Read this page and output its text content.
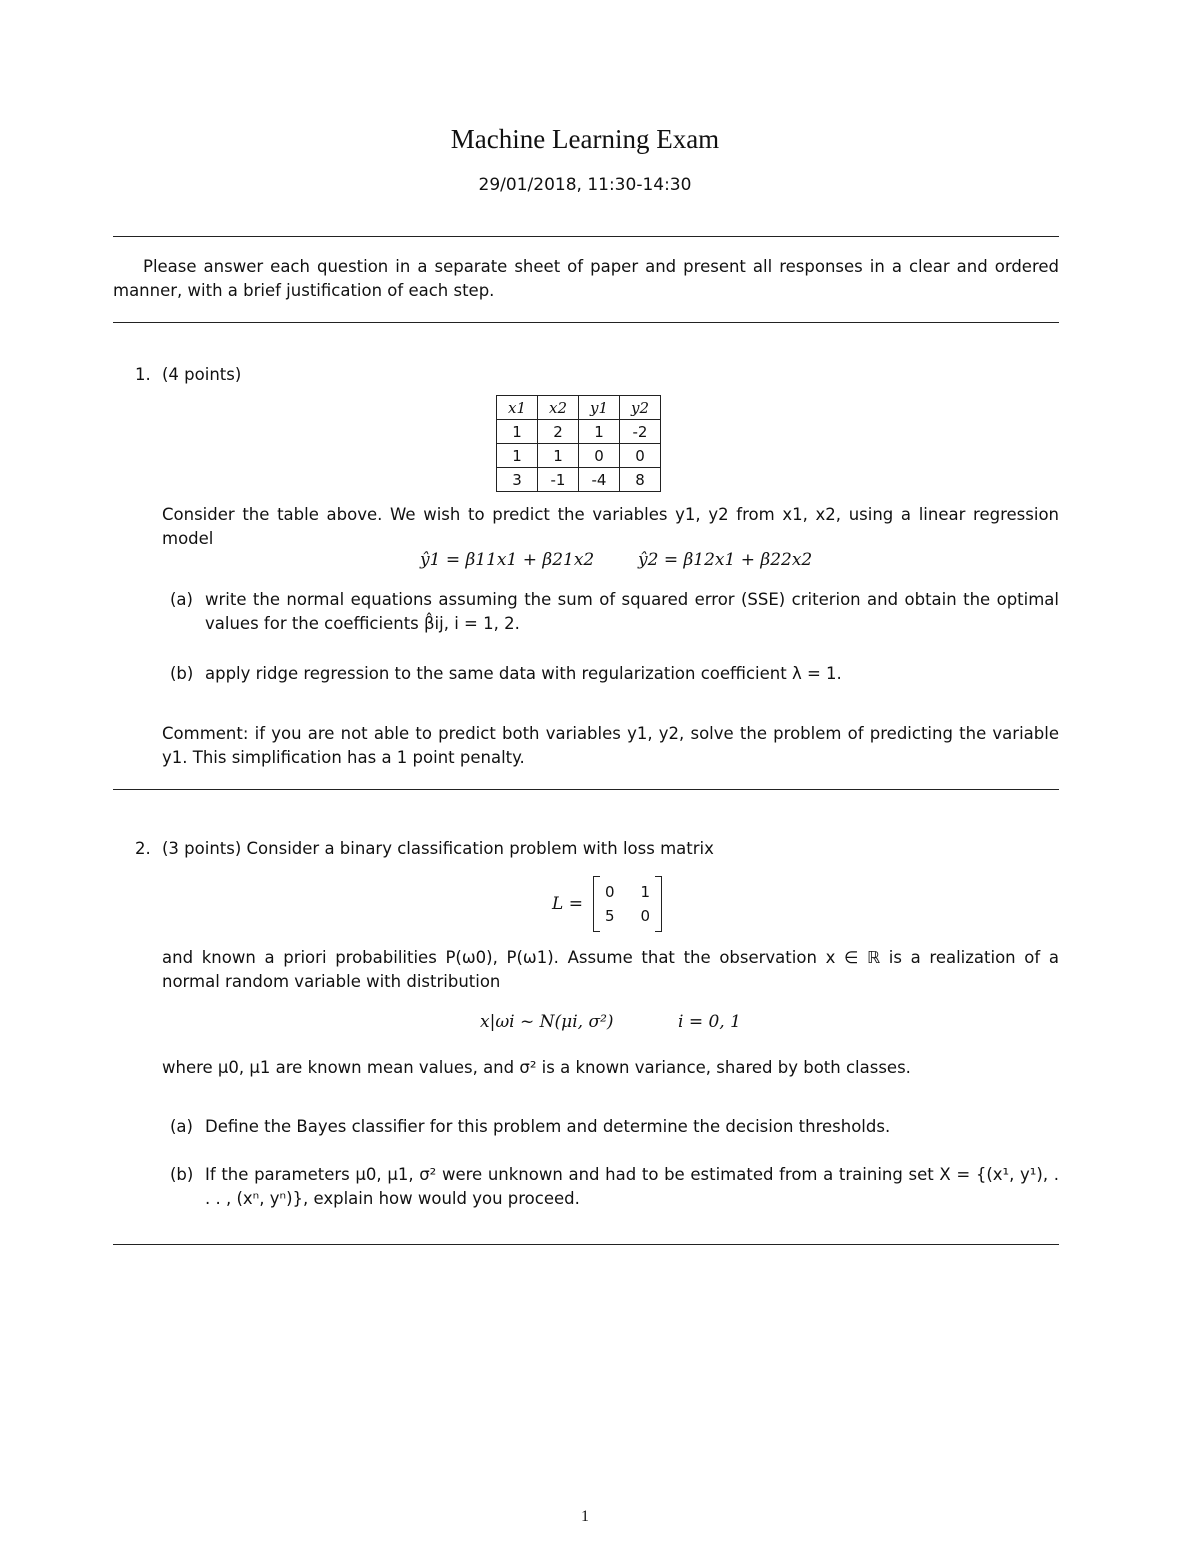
Machine Learning Exam
29/01/2018, 11:30-14:30
Please answer each question in a separate sheet of paper and present all responses in a clear and ordered manner, with a brief justification of each step.
1. (4 points)
x1	x2	y1	y2
1	2	1	-2
1	1	0	0
3	-1	-4	8
Consider the table above. We wish to predict the variables y1, y2 from x1, x2, using a linear regression model
ŷ1 = β11x1 + β21x2	ŷ2 = β12x1 + β22x2
(a) write the normal equations assuming the sum of squared error (SSE) criterion and obtain the optimal values for the coefficients β̂ij, i = 1, 2.
(b) apply ridge regression to the same data with regularization coefficient λ = 1.
Comment: if you are not able to predict both variables y1, y2, solve the problem of predicting the variable y1. This simplification has a 1 point penalty.
2. (3 points) Consider a binary classification problem with loss matrix
L =
0 1
5 0
and known a priori probabilities P(ω0), P(ω1). Assume that the observation x ∈ ℝ is a realization of a normal random variable with distribution
x|ωi ~ N(μi, σ²)	i = 0, 1
where μ0, μ1 are known mean values, and σ² is a known variance, shared by both classes.
(a) Define the Bayes classifier for this problem and determine the decision thresholds.
(b) If the parameters μ0, μ1, σ² were unknown and had to be estimated from a training set X = {(x¹, y¹), . . . , (xⁿ, yⁿ)}, explain how would you proceed.
1
